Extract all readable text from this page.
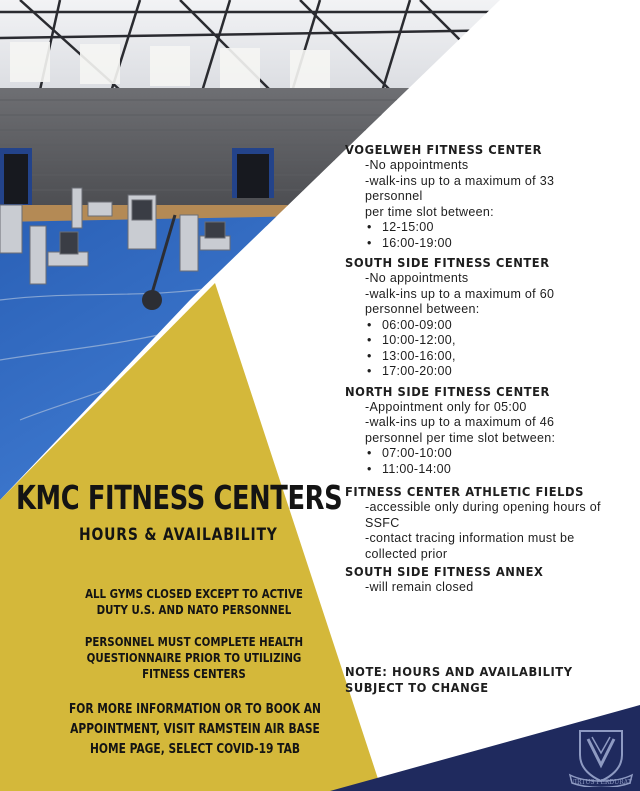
VOGELWEH FITNESS CENTER

-No appointments

-walk-ins up to a maximum of 33

personnel

per time slot between:

• 12-15:00
• 16:00-19:00

SOUTH SIDE FITNESS CENTER

-No appointments

-walk-ins up to a maximum of 60

personnel between:

• 06:00-09:00
• 10:00-12:00,
• 13:00-16:00,
• 17:00-20:00

NORTH SIDE FITNESS CENTER

-Appointment only for 05:00

-walk-ins up to a maximum of 46

personnel per time slot between:

• 07:00-10:00
• 11:00-14:00

FITNESS CENTER ATHLETIC FIELDS

-accessible only during opening hours of

SSFC

-contact tracing information must be

collected prior

SOUTH SIDE FITNESS ANNEX

-will remain closed

KMC FITNESS CENTERS
HOURS & AVAILABILITY
ALL GYMS CLOSED EXCEPT TO ACTIVE DUTY U.S. AND NATO PERSONNEL
PERSONNEL MUST COMPLETE HEALTH QUESTIONNAIRE PRIOR TO UTILIZING FITNESS CENTERS
FOR MORE INFORMATION OR TO BOOK AN APPOINTMENT, VISIT RAMSTEIN AIR BASE HOME PAGE, SELECT COVID-19 TAB
NOTE: HOURS AND AVAILABILITY SUBJECT TO CHANGE
VIRTUS PERDURAT
